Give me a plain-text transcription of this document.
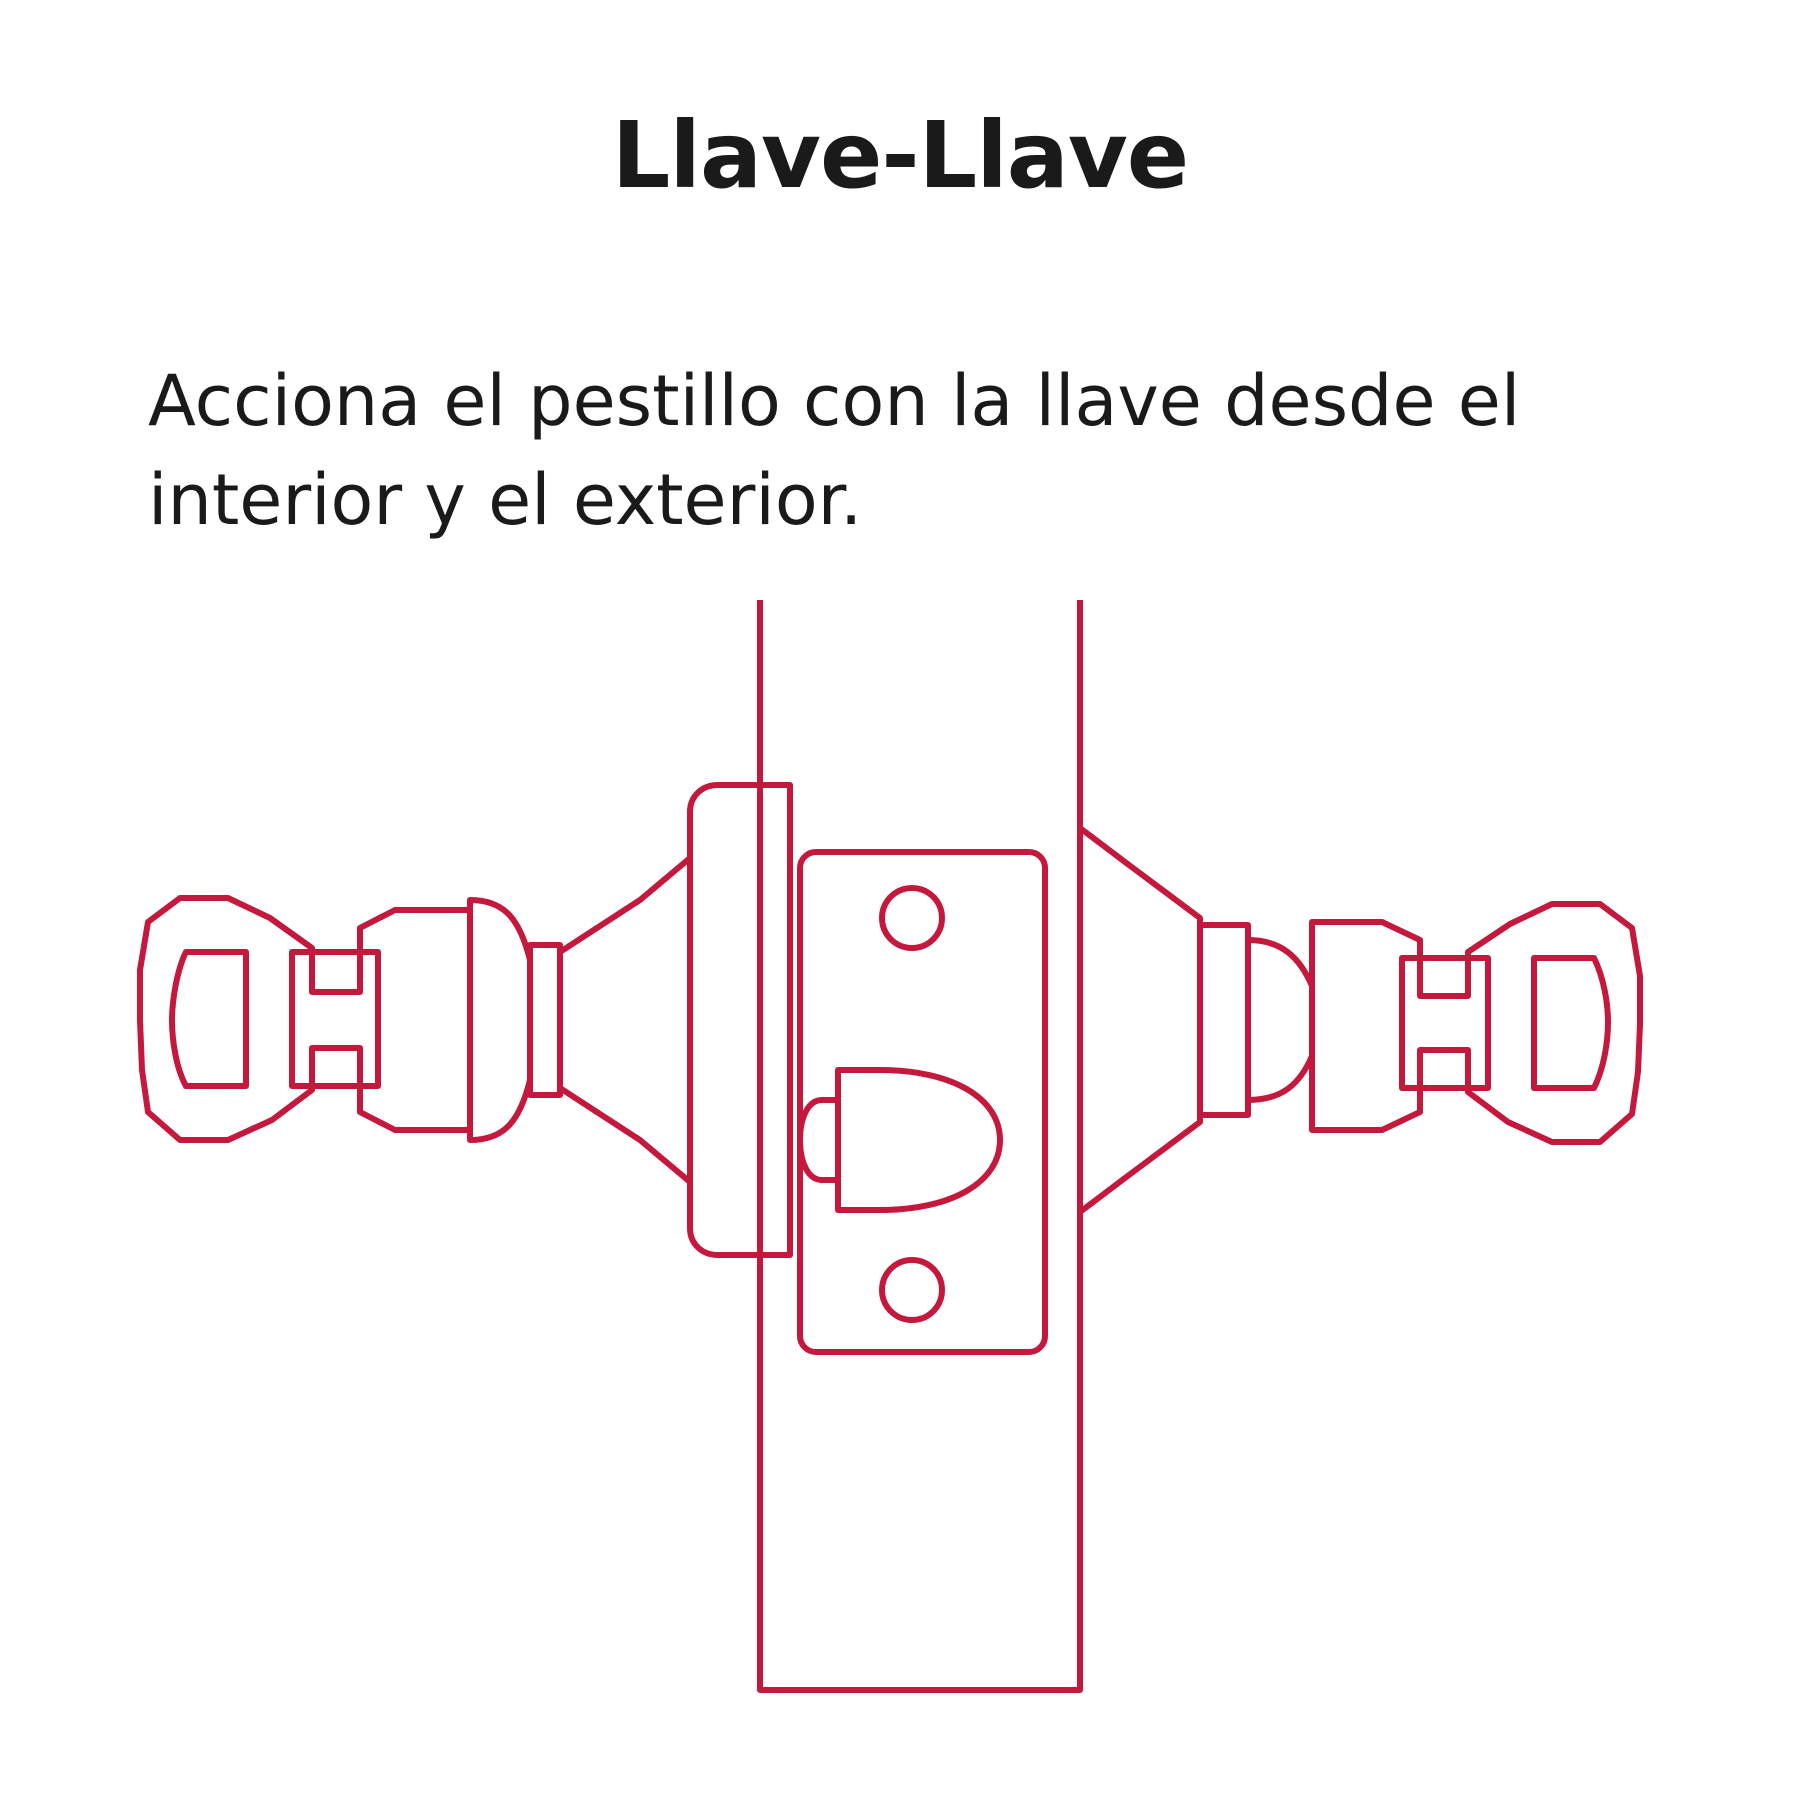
Llave-Llave
Acciona el pestillo con la llave desde el interior y el exterior.
